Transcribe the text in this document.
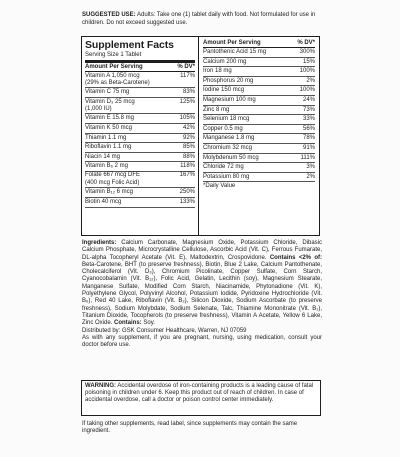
SUGGESTED USE: Adults: Take one (1) tablet daily with food. Not formulated for use in children. Do not exceed suggested use.

Supplement Facts
Serving Size 1 Tablet
Amount Per Serving	% DV*
Vitamin A 1,050 mcg
(29% as Beta-Carotene)
117%
Vitamin C 75 mg	83%
Vitamin D₃ 25 mcg
(1,000 IU)
125%
Vitamin E 15.8 mg	105%
Vitamin K 50 mcg	42%
Thiamin 1.1 mg	92%
Riboflavin 1.1 mg	85%
Niacin 14 mg	88%
Vitamin B₆ 2 mg	118%
Folate 667 mcg DFE
(400 mcg Folic Acid)
167%
Vitamin B₁₂ 6 mcg	250%
Biotin 40 mcg	133%
Amount Per Serving	% DV*
Pantothenic Acid 15 mg	300%
Calcium 200 mg	15%
Iron 18 mg	100%
Phosphorus 20 mg	2%
Iodine 150 mcg	100%
Magnesium 100 mg	24%
Zinc 8 mg	73%
Selenium 18 mcg	33%
Copper 0.5 mg	56%
Manganese 1.8 mg	78%
Chromium 32 mcg	91%
Molybdenum 50 mcg	111%
Chloride 72 mg	3%
Potassium 80 mg	2%
*Daily Value

Ingredients: Calcium Carbonate, Magnesium Oxide, Potassium Chloride, Dibasic Calcium Phosphate, Microcrystalline Cellulose, Ascorbic Acid (Vit. C), Ferrous Fumarate, DL-alpha Tocopheryl Acetate (Vit. E), Maltodextrin, Crospovidone. Contains <2% of: Beta-Carotene, BHT (to preserve freshness), Biotin, Blue 2 Lake, Calcium Pantothenate, Cholecalciferol (Vit. D₃), Chromium Picolinate, Copper Sulfate, Corn Starch, Cyanocobalamin (Vit. B₁₂), Folic Acid, Gelatin, Lecithin (soy), Magnesium Stearate, Manganese Sulfate, Modified Corn Starch, Niacinamide, Phytonadione (Vit. K), Polyethylene Glycol, Polyvinyl Alcohol, Potassium Iodide, Pyridoxine Hydrochloride (Vit. B₆), Red 40 Lake, Riboflavin (Vit. B₂), Silicon Dioxide, Sodium Ascorbate (to preserve freshness), Sodium Molybdate, Sodium Selenate, Talc, Thiamine Mononitrate (Vit. B₁), Titanium Dioxide, Tocopherols (to preserve freshness), Vitamin A Acetate, Yellow 6 Lake, Zinc Oxide. Contains: Soy.

Distributed by: GSK Consumer Healthcare, Warren, NJ 07059

As with any supplement, if you are pregnant, nursing, using medication, consult your doctor before use.

WARNING: Accidental overdose of iron-containing products is a leading cause of fatal poisoning in children under 6. Keep this product out of reach of children. In case of accidental overdose, call a doctor or poison control center immediately.

If taking other supplements, read label, since supplements may contain the same ingredient.
